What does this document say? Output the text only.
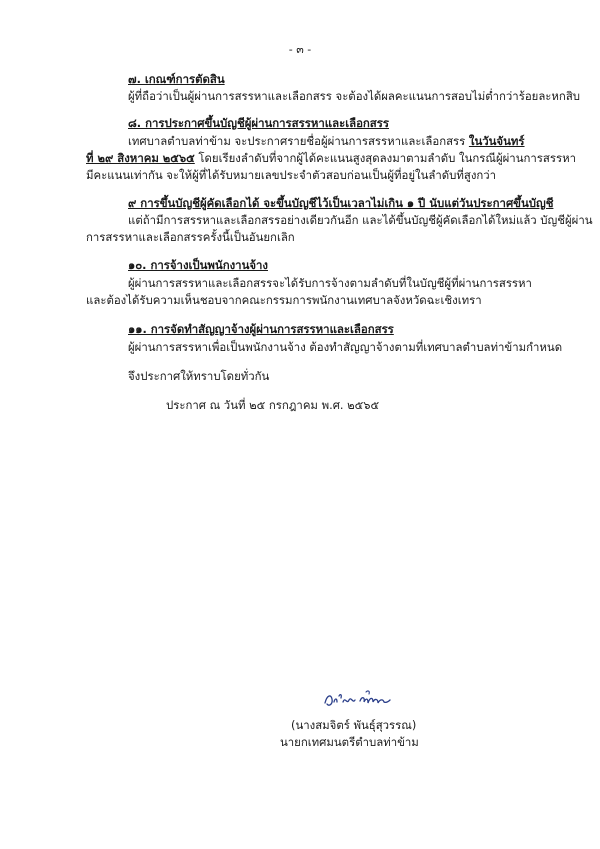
- ๓ -
๗. เกณฑ์การตัดสิน
ผู้ที่ถือว่าเป็นผู้ผ่านการสรรหาและเลือกสรร จะต้องได้ผลคะแนนการสอบไม่ต่ำกว่าร้อยละหกสิบ
๘. การประกาศขึ้นบัญชีผู้ผ่านการสรรหาและเลือกสรร
เทศบาลตำบลท่าข้าม จะประกาศรายชื่อผู้ผ่านการสรรหาและเลือกสรร ในวันจันทร์
ที่ ๒๙ สิงหาคม ๒๕๖๕ โดยเรียงลำดับที่จากผู้ได้คะแนนสูงสุดลงมาตามลำดับ ในกรณีผู้ผ่านการสรรหา
มีคะแนนเท่ากัน จะให้ผู้ที่ได้รับหมายเลขประจำตัวสอบก่อนเป็นผู้ที่อยู่ในลำดับที่สูงกว่า
๙ การขึ้นบัญชีผู้คัดเลือกได้ จะขึ้นบัญชีไว้เป็นเวลาไม่เกิน ๑ ปี นับแต่วันประกาศขึ้นบัญชี
แต่ถ้ามีการสรรหาและเลือกสรรอย่างเดียวกันอีก และได้ขึ้นบัญชีผู้คัดเลือกได้ใหม่แล้ว บัญชีผู้ผ่าน
การสรรหาและเลือกสรรครั้งนี้เป็นอันยกเลิก
๑๐. การจ้างเป็นพนักงานจ้าง
ผู้ผ่านการสรรหาและเลือกสรรจะได้รับการจ้างตามลำดับที่ในบัญชีผู้ที่ผ่านการสรรหา
และต้องได้รับความเห็นชอบจากคณะกรรมการพนักงานเทศบาลจังหวัดฉะเชิงเทรา
๑๑. การจัดทำสัญญาจ้างผู้ผ่านการสรรหาและเลือกสรร
ผู้ผ่านการสรรหาเพื่อเป็นพนักงานจ้าง ต้องทำสัญญาจ้างตามที่เทศบาลตำบลท่าข้ามกำหนด
จึงประกาศให้ทราบโดยทั่วกัน
ประกาศ ณ วันที่ ๒๕ กรกฎาคม พ.ศ. ๒๕๖๕
(นางสมจิตร์ พันธุ์สุวรรณ)
นายกเทศมนตรีตำบลท่าข้าม
